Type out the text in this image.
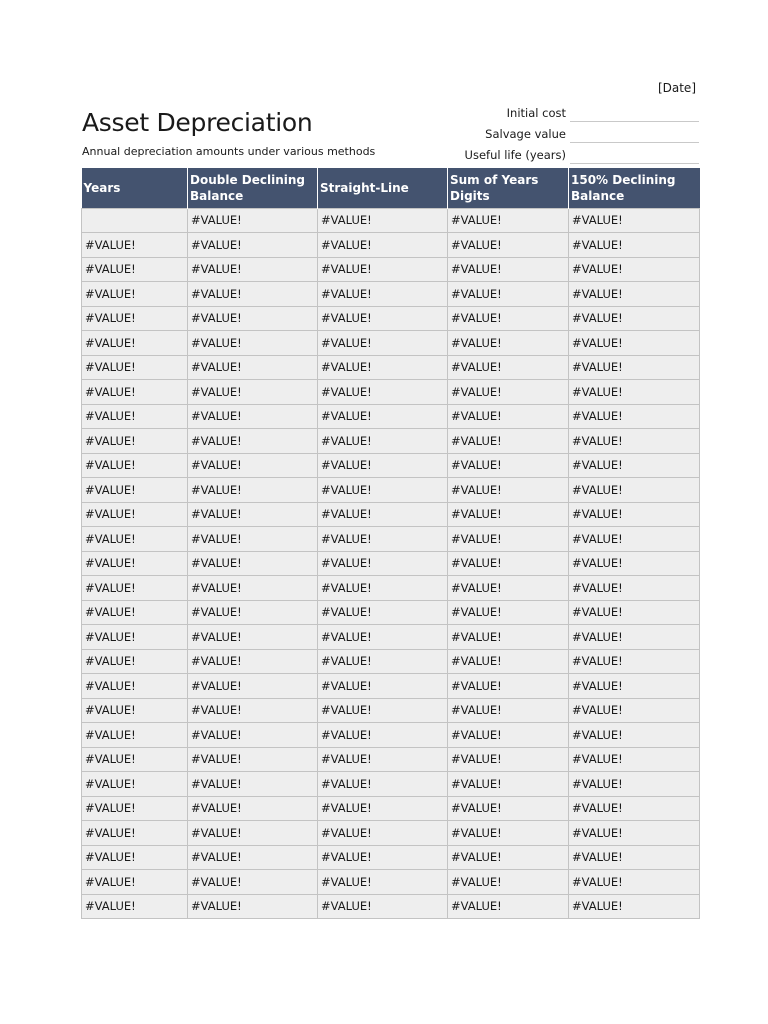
[Date]
Asset Depreciation
Annual depreciation amounts under various methods
Initial cost
Salvage value
Useful life (years)
Years	Double Declining Balance	Straight-Line	Sum of Years Digits	150% Declining Balance
	#VALUE!	#VALUE!	#VALUE!	#VALUE!
#VALUE!	#VALUE!	#VALUE!	#VALUE!	#VALUE!
#VALUE!	#VALUE!	#VALUE!	#VALUE!	#VALUE!
#VALUE!	#VALUE!	#VALUE!	#VALUE!	#VALUE!
#VALUE!	#VALUE!	#VALUE!	#VALUE!	#VALUE!
#VALUE!	#VALUE!	#VALUE!	#VALUE!	#VALUE!
#VALUE!	#VALUE!	#VALUE!	#VALUE!	#VALUE!
#VALUE!	#VALUE!	#VALUE!	#VALUE!	#VALUE!
#VALUE!	#VALUE!	#VALUE!	#VALUE!	#VALUE!
#VALUE!	#VALUE!	#VALUE!	#VALUE!	#VALUE!
#VALUE!	#VALUE!	#VALUE!	#VALUE!	#VALUE!
#VALUE!	#VALUE!	#VALUE!	#VALUE!	#VALUE!
#VALUE!	#VALUE!	#VALUE!	#VALUE!	#VALUE!
#VALUE!	#VALUE!	#VALUE!	#VALUE!	#VALUE!
#VALUE!	#VALUE!	#VALUE!	#VALUE!	#VALUE!
#VALUE!	#VALUE!	#VALUE!	#VALUE!	#VALUE!
#VALUE!	#VALUE!	#VALUE!	#VALUE!	#VALUE!
#VALUE!	#VALUE!	#VALUE!	#VALUE!	#VALUE!
#VALUE!	#VALUE!	#VALUE!	#VALUE!	#VALUE!
#VALUE!	#VALUE!	#VALUE!	#VALUE!	#VALUE!
#VALUE!	#VALUE!	#VALUE!	#VALUE!	#VALUE!
#VALUE!	#VALUE!	#VALUE!	#VALUE!	#VALUE!
#VALUE!	#VALUE!	#VALUE!	#VALUE!	#VALUE!
#VALUE!	#VALUE!	#VALUE!	#VALUE!	#VALUE!
#VALUE!	#VALUE!	#VALUE!	#VALUE!	#VALUE!
#VALUE!	#VALUE!	#VALUE!	#VALUE!	#VALUE!
#VALUE!	#VALUE!	#VALUE!	#VALUE!	#VALUE!
#VALUE!	#VALUE!	#VALUE!	#VALUE!	#VALUE!
#VALUE!	#VALUE!	#VALUE!	#VALUE!	#VALUE!
